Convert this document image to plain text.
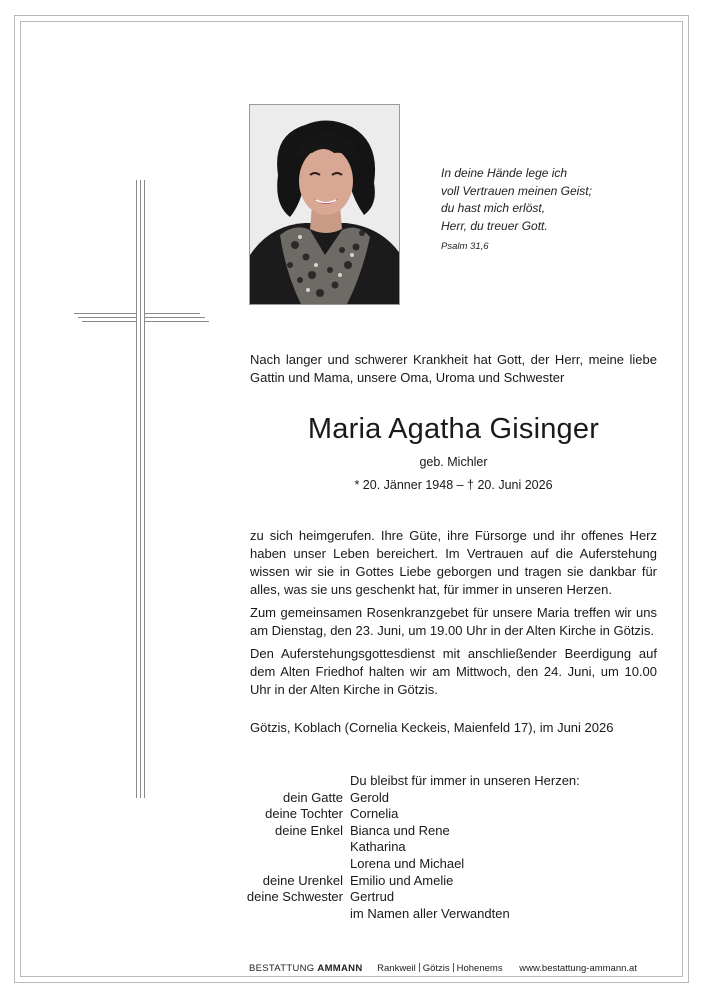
In deine Hände lege ich
voll Vertrauen meinen Geist;
du hast mich erlöst,
Herr, du treuer Gott.
Psalm 31,6
Nach langer und schwerer Krankheit hat Gott, der Herr, meine liebe Gattin und Mama, unsere Oma, Uroma und Schwester
Maria Agatha Gisinger
geb. Michler
* 20. Jänner 1948 – † 20. Juni 2026

zu sich heimgerufen. Ihre Güte, ihre Fürsorge und ihr offenes Herz haben unser Leben bereichert. Im Vertrauen auf die Auferstehung wissen wir sie in Gottes Liebe geborgen und tragen sie dankbar für alles, was sie uns geschenkt hat, für immer in unseren Herzen.

Zum gemeinsamen Rosenkranzgebet für unsere Maria treffen wir uns am Dienstag, den 23. Juni, um 19.00 Uhr in der Alten Kirche in Götzis.

Den Auferstehungsgottesdienst mit anschließender Beerdigung auf dem Alten Friedhof halten wir am Mittwoch, den 24. Juni, um 10.00 Uhr in der Alten Kirche in Götzis.

Götzis, Koblach (Cornelia Keckeis, Maienfeld 17), im Juni 2026
Du bleibst für immer in unseren Herzen:
dein Gatte Gerold
deine Tochter Cornelia
deine Enkel Bianca und Rene
Katharina
Lorena und Michael
deine Urenkel Emilio und Amelie
deine Schwester Gertrud
im Namen aller Verwandten
BESTATTUNG AMMANN Rankweil Götzis Hohenems www.bestattung-ammann.at
